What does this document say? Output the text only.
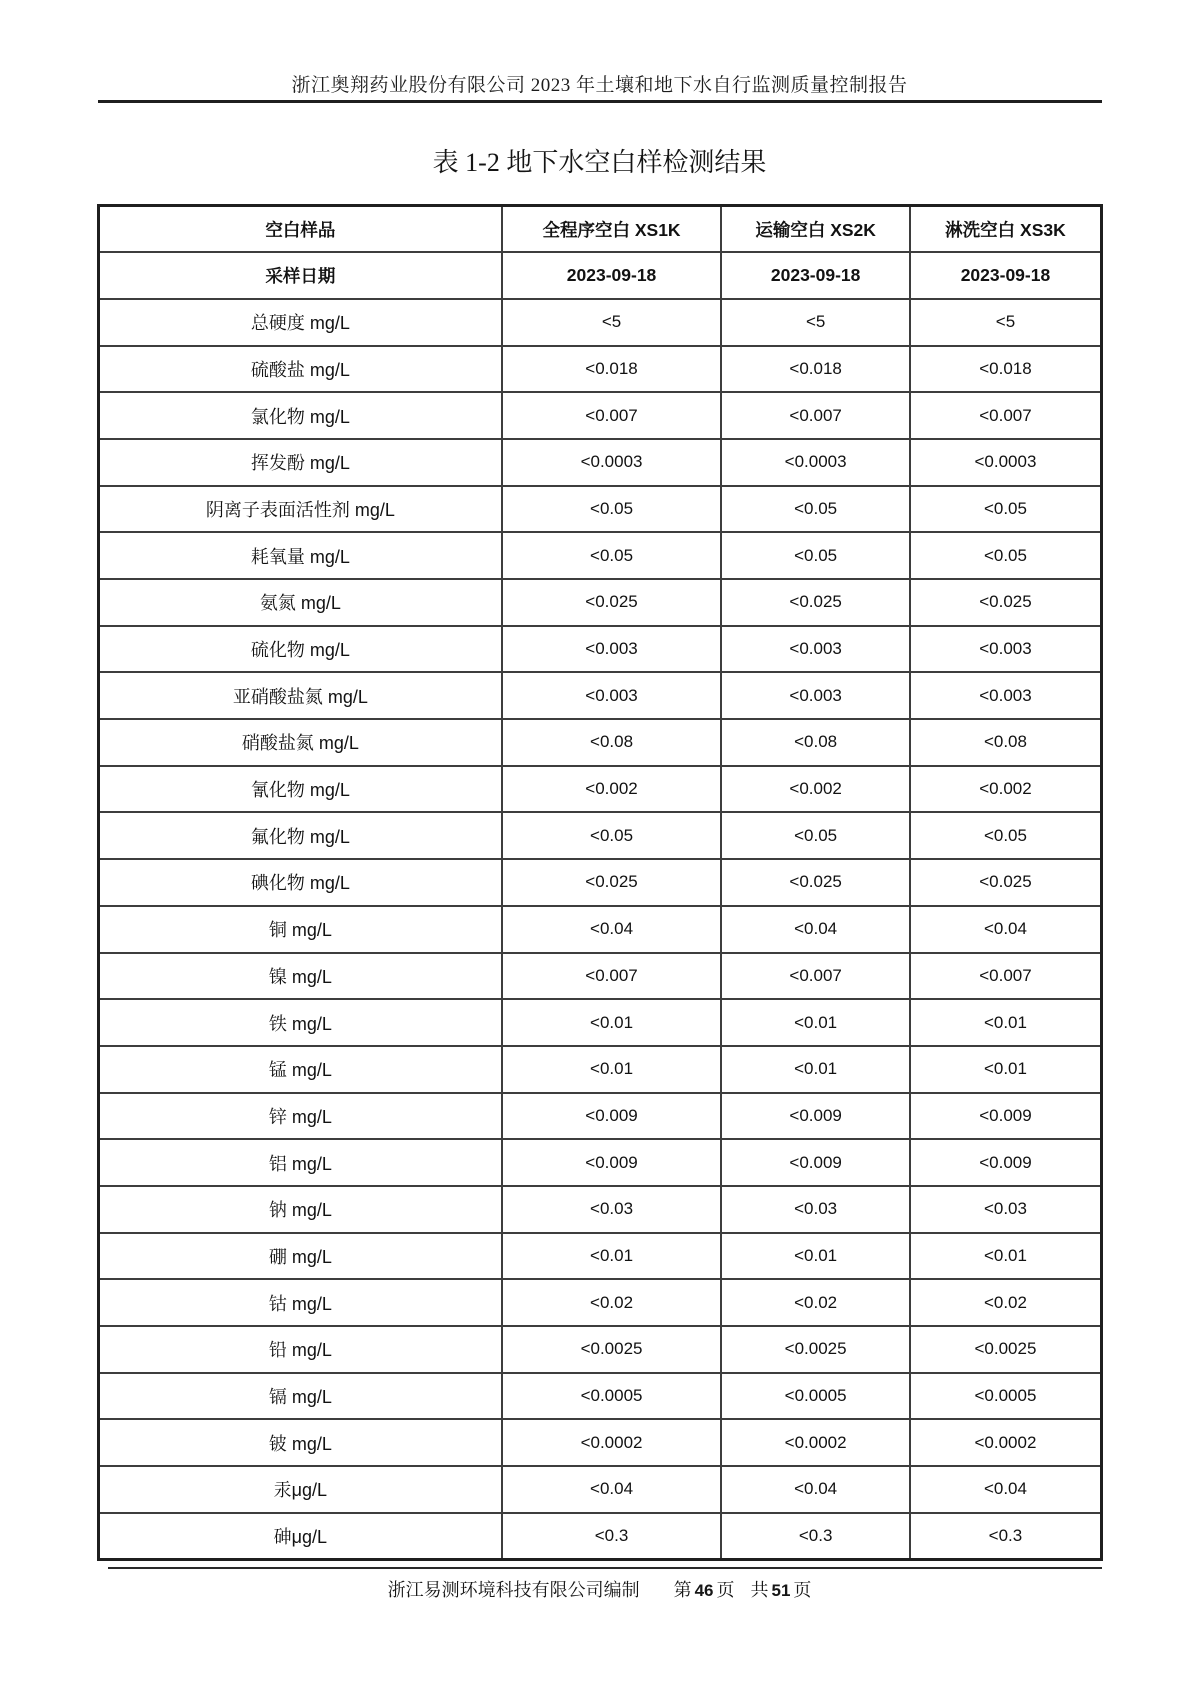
浙江奥翔药业股份有限公司 2023 年土壤和地下水自行监测质量控制报告
表 1-2 地下水空白样检测结果
空白样品	全程序空白 XS1K	运输空白 XS2K	淋洗空白 XS3K
采样日期	2023-09-18	2023-09-18	2023-09-18
总硬度 mg/L	<5	<5	<5
硫酸盐 mg/L	<0.018	<0.018	<0.018
氯化物 mg/L	<0.007	<0.007	<0.007
挥发酚 mg/L	<0.0003	<0.0003	<0.0003
阴离子表面活性剂 mg/L	<0.05	<0.05	<0.05
耗氧量 mg/L	<0.05	<0.05	<0.05
氨氮 mg/L	<0.025	<0.025	<0.025
硫化物 mg/L	<0.003	<0.003	<0.003
亚硝酸盐氮 mg/L	<0.003	<0.003	<0.003
硝酸盐氮 mg/L	<0.08	<0.08	<0.08
氰化物 mg/L	<0.002	<0.002	<0.002
氟化物 mg/L	<0.05	<0.05	<0.05
碘化物 mg/L	<0.025	<0.025	<0.025
铜 mg/L	<0.04	<0.04	<0.04
镍 mg/L	<0.007	<0.007	<0.007
铁 mg/L	<0.01	<0.01	<0.01
锰 mg/L	<0.01	<0.01	<0.01
锌 mg/L	<0.009	<0.009	<0.009
铝 mg/L	<0.009	<0.009	<0.009
钠 mg/L	<0.03	<0.03	<0.03
硼 mg/L	<0.01	<0.01	<0.01
钴 mg/L	<0.02	<0.02	<0.02
铅 mg/L	<0.0025	<0.0025	<0.0025
镉 mg/L	<0.0005	<0.0005	<0.0005
铍 mg/L	<0.0002	<0.0002	<0.0002
汞μg/L	<0.04	<0.04	<0.04
砷μg/L	<0.3	<0.3	<0.3
浙江易测环境科技有限公司编制 第 46 页 共 51 页
